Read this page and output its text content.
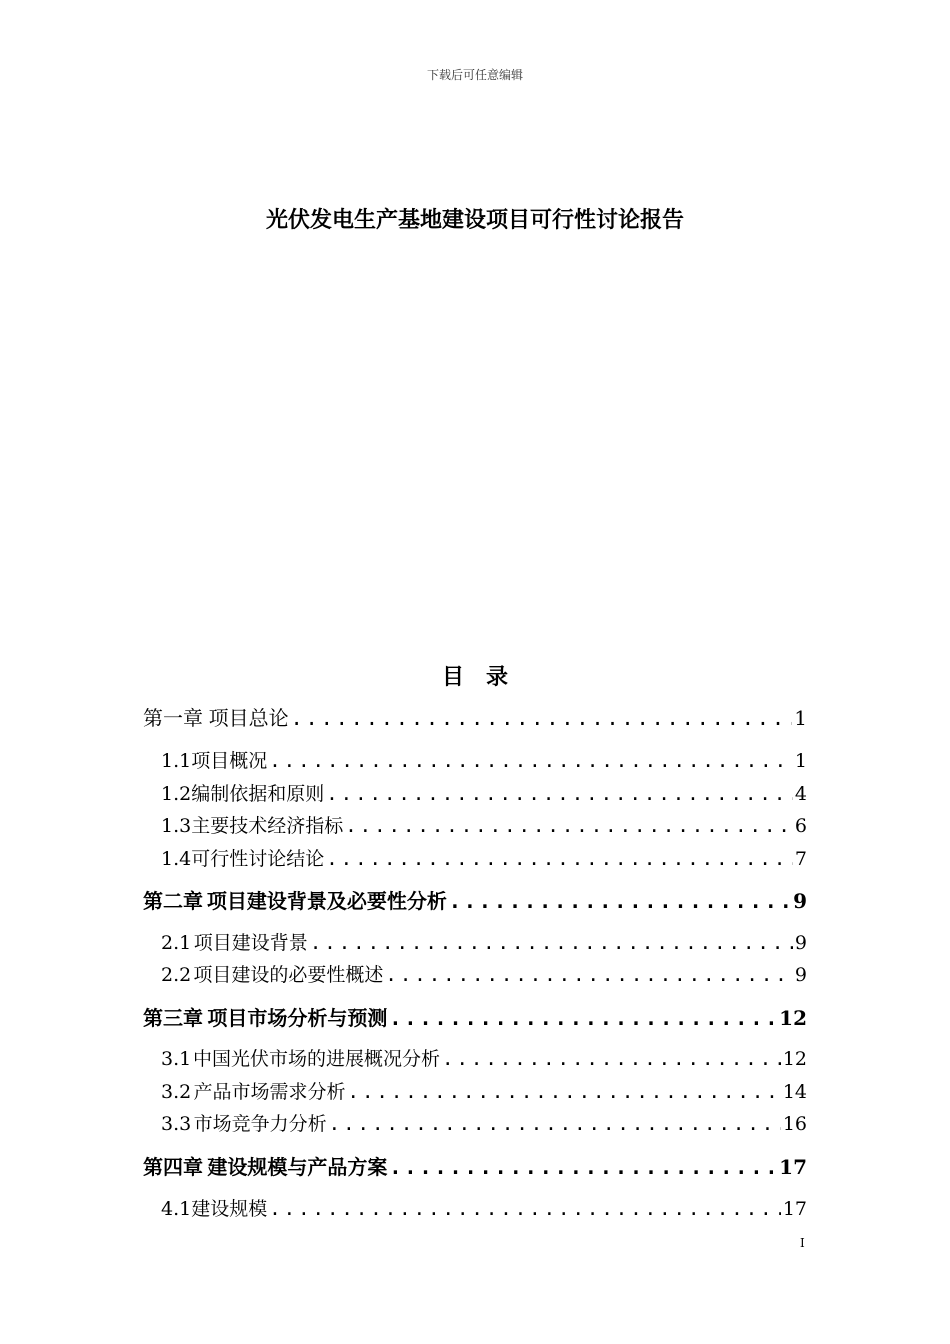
下载后可任意编辑
光伏发电生产基地建设项目可行性讨论报告
目　录
第一章 项目总论 .....	1
1.1 项目概况 .....	1
1.2 编制依据和原则 .....	4
1.3 主要技术经济指标 .....	6
1.4 可行性讨论结论 .....	7
第二章 项目建设背景及必要性分析 .....	9
2.1 项目建设背景 .....	9
2.2 项目建设的必要性概述 .....	9
第三章 项目市场分析与预测 .....	12
3.1 中国光伏市场的进展概况分析 .....	12
3.2 产品市场需求分析 .....	14
3.3 市场竞争力分析 .....	16
第四章 建设规模与产品方案 .....	17
4.1 建设规模 .....	17
I
